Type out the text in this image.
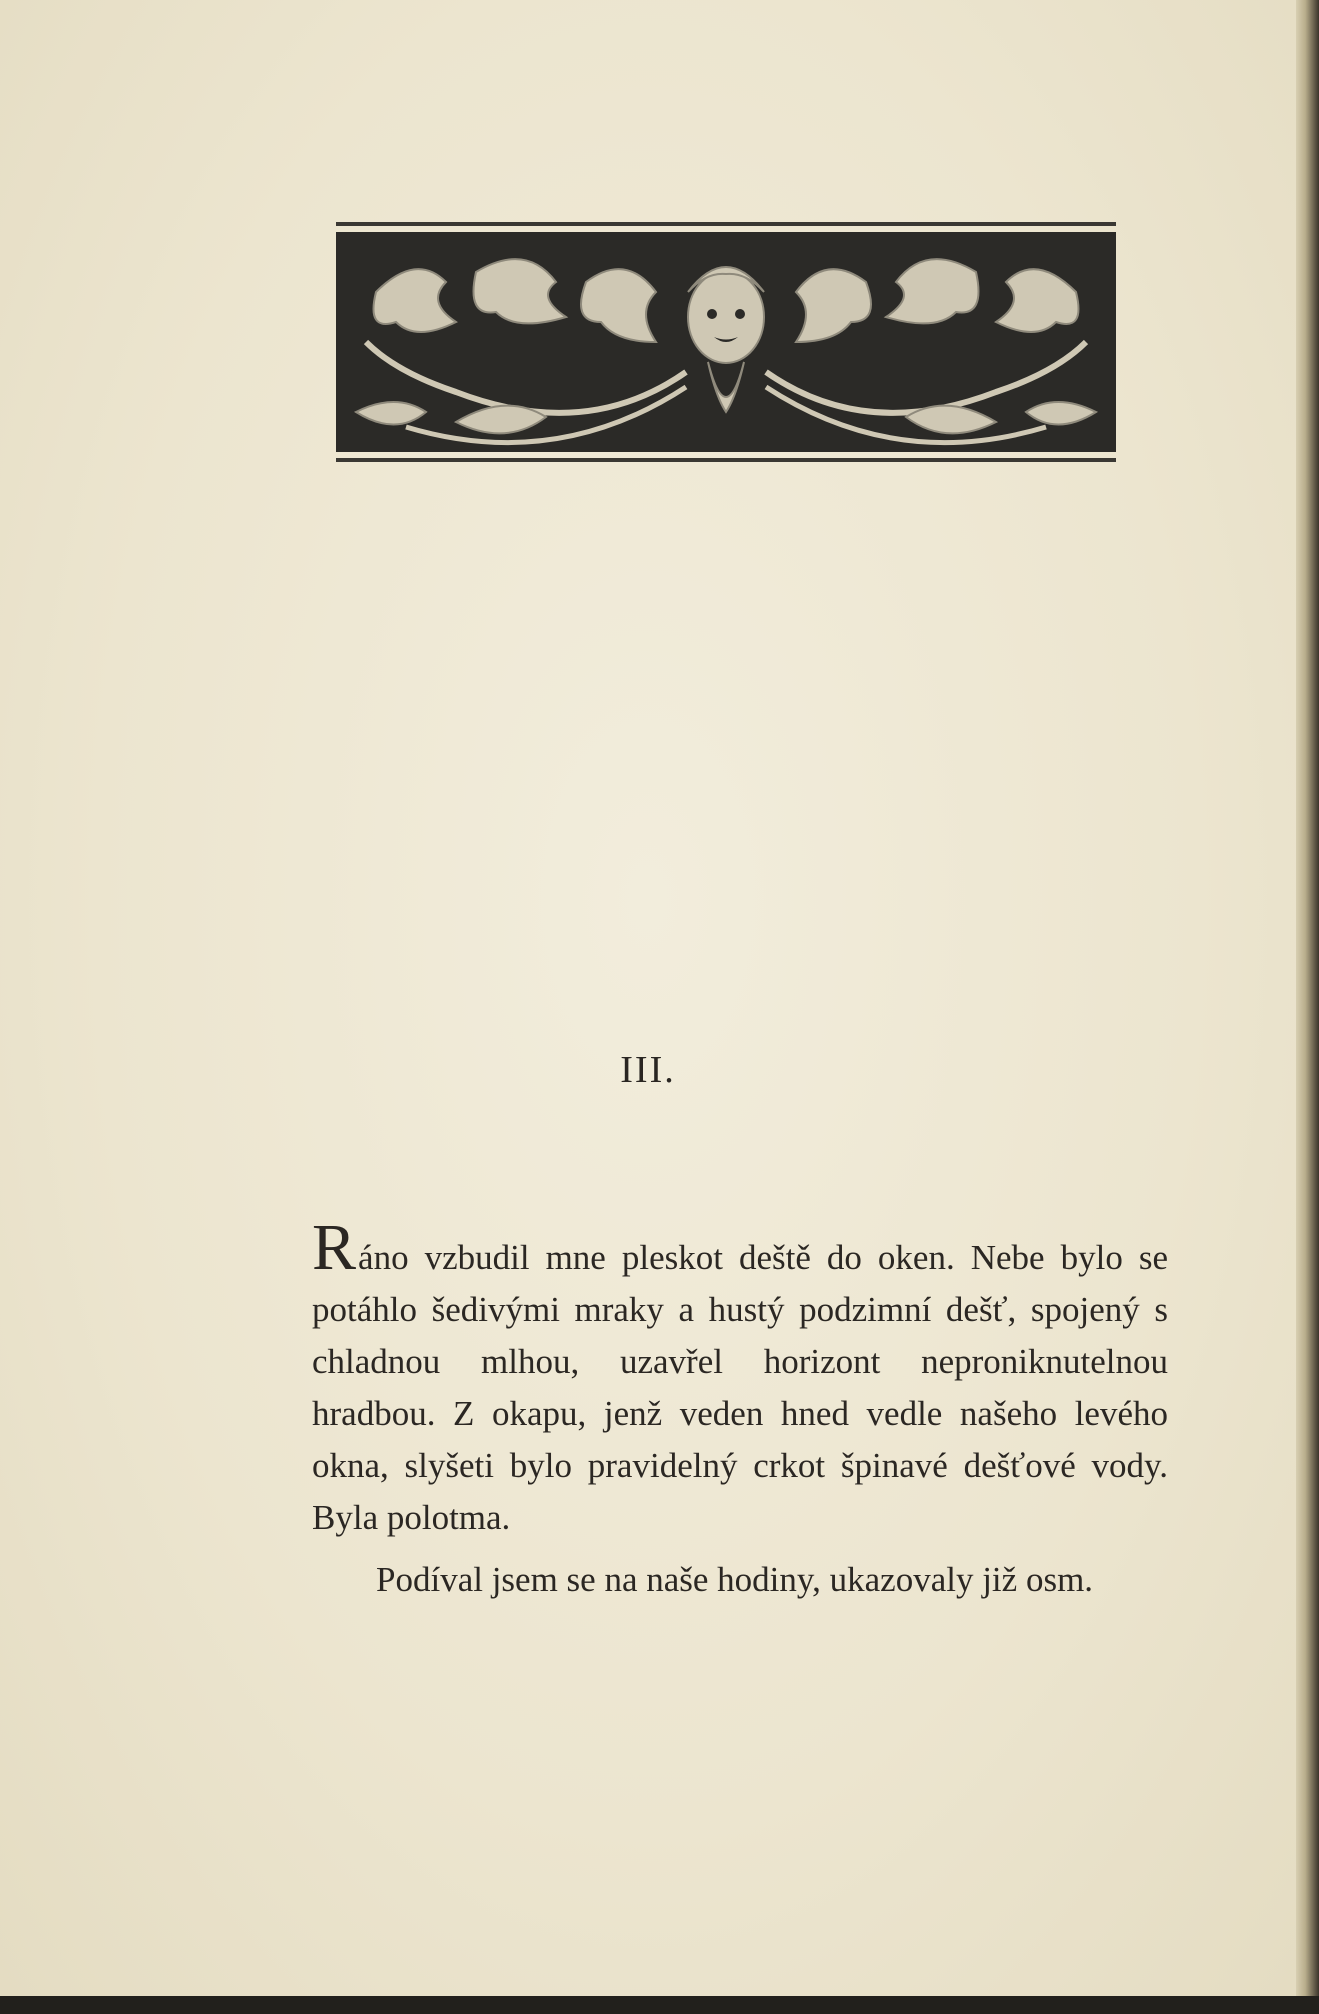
III.

Ráno vzbudil mne pleskot deště do oken. Nebe bylo se potáhlo šedivými mraky a hustý podzimní dešť, spojený s chladnou mlhou, uzavřel horizont neproniknutelnou hradbou. Z okapu, jenž veden hned vedle našeho levého okna, slyšeti bylo pravidelný crkot špinavé dešťové vody. Byla polotma.

Podíval jsem se na naše hodiny, ukazovaly již osm.
